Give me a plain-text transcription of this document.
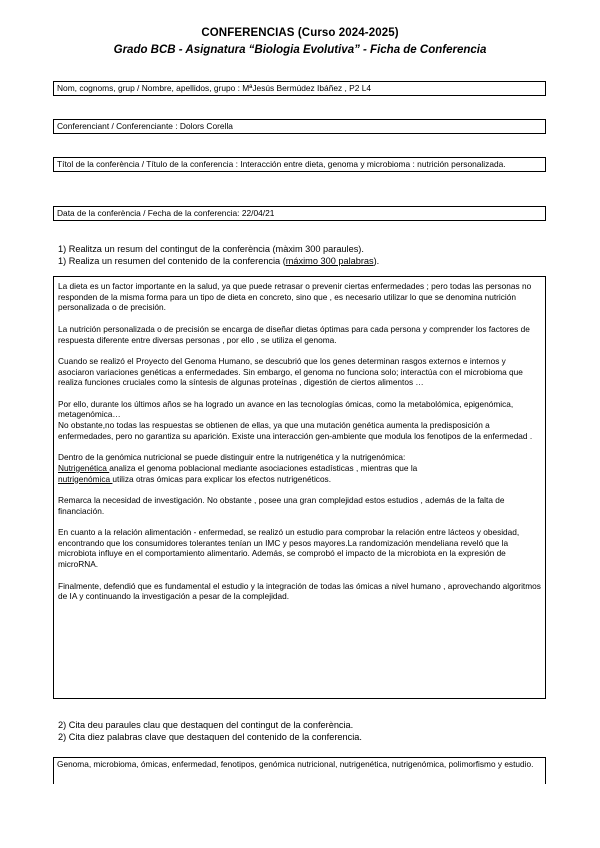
CONFERENCIAS (Curso 2024-2025)
Grado BCB - Asignatura “Biologia Evolutiva” - Ficha de Conferencia
Nom, cognoms, grup / Nombre, apellidos, grupo : MªJesús Bermúdez Ibáñez , P2 L4
Conferenciant / Conferenciante : Dolors Corella
Títol de la conferència / Título de la conferencia : Interacción entre dieta, genoma y microbioma : nutrición personalizada.
Data de la conferència / Fecha de la conferencia: 22/04/21
1) Realitza un resum del contingut de la conferència (màxim 300 paraules).
1) Realiza un resumen del contenido de la conferencia (máximo 300 palabras).

La dieta es un factor importante en la salud, ya que puede retrasar o prevenir ciertas enfermedades ; pero todas las personas no responden de la misma forma para un tipo de dieta en concreto, sino que , es necesario utilizar lo que se denomina nutrición personalizada o de precisión.

La nutrición personalizada o de precisión se encarga de diseñar dietas óptimas para cada persona y comprender los factores de respuesta diferente entre diversas personas , por ello , se utiliza el genoma.

Cuando se realizó el Proyecto del Genoma Humano, se descubrió que los genes determinan rasgos externos e internos y asociaron variaciones genéticas a enfermedades. Sin embargo, el genoma no funciona solo; interactúa con el microbioma que realiza funciones cruciales como la síntesis de algunas proteínas , digestión de ciertos alimentos …

Por ello, durante los últimos años se ha logrado un avance en las tecnologías ómicas, como la metabolómica, epigenómica, metagenómica…
No obstante,no todas las respuestas se obtienen de ellas, ya que una mutación genética aumenta la predisposición a enfermedades, pero no garantiza su aparición. Existe una interacción gen-ambiente que modula los fenotipos de la enfermedad .

Dentro de la genómica nutricional se puede distinguir entre la nutrigenética y la nutrigenómica:
Nutrigenética analiza el genoma poblacional mediante asociaciones estadísticas , mientras que la
nutrigenómica utiliza otras ómicas para explicar los efectos nutrigenéticos.

Remarca la necesidad de investigación. No obstante , posee una gran complejidad estos estudios , además de la falta de financiación.

En cuanto a la relación alimentación - enfermedad, se realizó un estudio para comprobar la relación entre lácteos y obesidad, encontrando que los consumidores tolerantes tenían un IMC y pesos mayores.La randomización mendeliana reveló que la microbiota influye en el comportamiento alimentario. Además, se comprobó el impacto de la microbiota en la expresión de microRNA.

Finalmente, defendió que es fundamental el estudio y la integración de todas las ómicas a nivel humano , aprovechando algoritmos de IA y continuando la investigación a pesar de la complejidad.

2) Cita deu paraules clau que destaquen del contingut de la conferència.
2) Cita diez palabras clave que destaquen del contenido de la conferencia.
Genoma, microbioma, ómicas, enfermedad, fenotipos, genómica nutricional, nutrigenética, nutrigenómica, polimorfismo y estudio.
